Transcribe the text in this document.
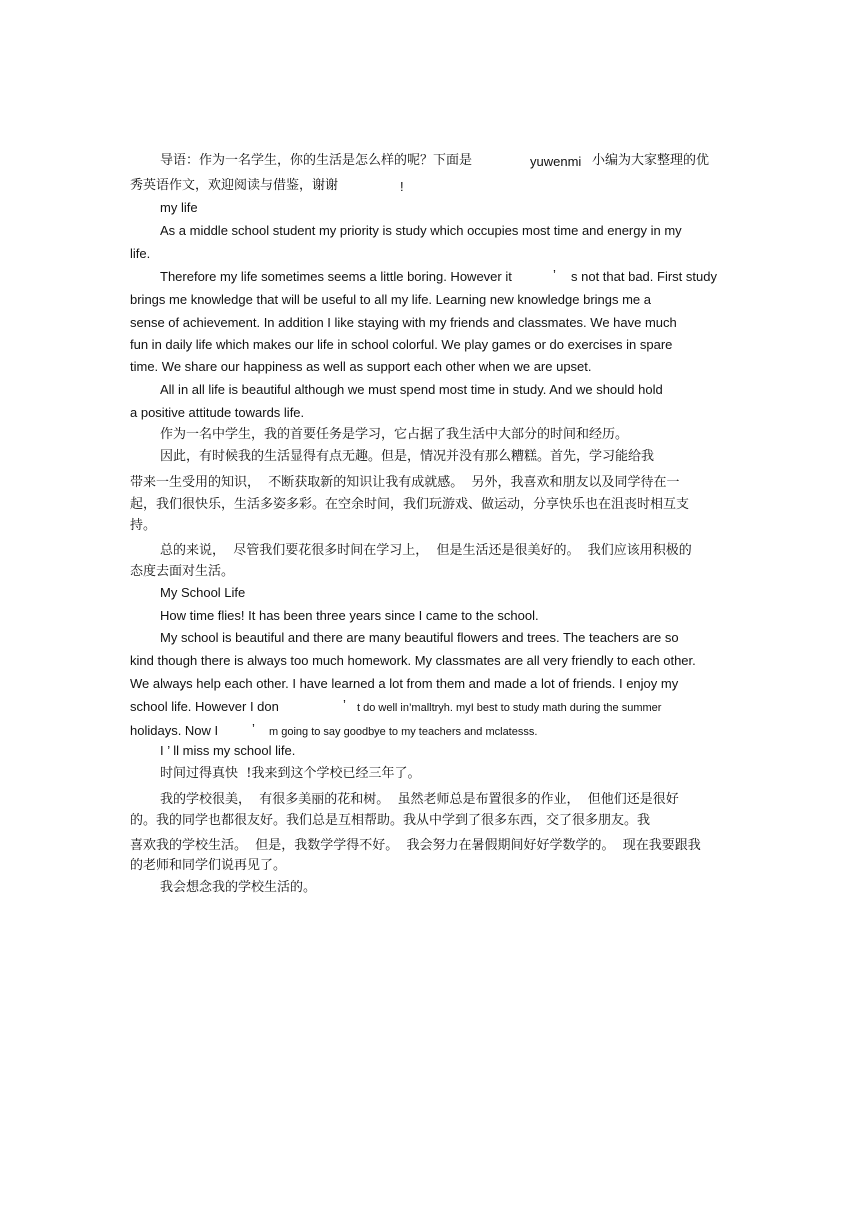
导语：作为一名学生，你的生活是怎么样的呢？下面是	yuwenmi 小编为大家整理的优
秀英语作文，欢迎阅读与借鉴，谢谢	!
my life
As a middle school student my priority is study which occupies most time and energy in my
life.
Therefore my life sometimes seems a little boring. However it	’ s not that bad. First study
brings me knowledge that will be useful to all my life. Learning new knowledge brings me a
sense of achievement. In addition I like staying with my friends and classmates. We have much
fun in daily life which makes our life in school colorful. We play games or do exercises in spare
time. We share our happiness as well as support each other when we are upset.
All in all life is beautiful although we must spend most time in study. And we should hold
a positive attitude towards life.
作为一名中学生，我的首要任务是学习，它占据了我生活中大部分的时间和经历。
因此，有时候我的生活显得有点无趣。但是，情况并没有那么糟糕。首先，学习能给我
带来一生受用的知识，  不断获取新的知识让我有成就感。  另外，我喜欢和朋友以及同学待在一
起，我们很快乐，生活多姿多彩。在空余时间，我们玩游戏、做运动，分享快乐也在沮丧时相互支
持。
总的来说，  尽管我们要花很多时间在学习上，  但是生活还是很美好的。  我们应该用积极的
态度去面对生活。
My School Life
How time flies! It has been three years since I came to the school.
My school is beautiful and there are many beautiful flowers and trees. The teachers are so
kind though there is always too much homework. My classmates are all very friendly to each other.
We always help each other. I have learned a lot from them and made a lot of friends. I enjoy my
school life. However I don	’ t do well in’malltryh. myI best to study math during the summer
holidays. Now I	’ m going to say goodbye to my teachers and mclatesss.
I ’ ll miss my school life.
时间过得真快  !我来到这个学校已经三年了。
我的学校很美，  有很多美丽的花和树。  虽然老师总是布置很多的作业，  但他们还是很好
的。我的同学也都很友好。我们总是互相帮助。我从中学到了很多东西，交了很多朋友。我
喜欢我的学校生活。  但是，我数学学得不好。  我会努力在暑假期间好好学数学的。  现在我要跟我
的老师和同学们说再见了。
我会想念我的学校生活的。
